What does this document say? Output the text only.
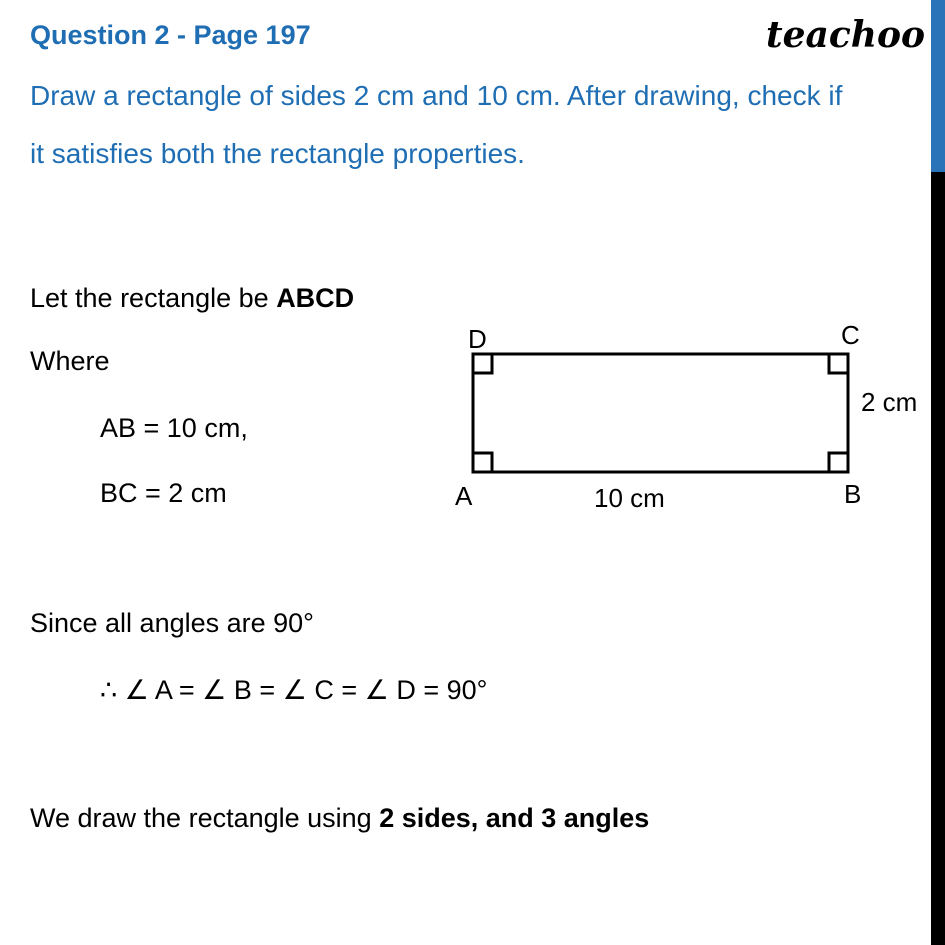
Question 2 - Page 197	teachoo
Draw a rectangle of sides 2 cm and 10 cm. After drawing, check if
it satisfies both the rectangle properties.
Let the rectangle be ABCD
Where
AB = 10 cm,
BC = 2 cm
Since all angles are 90°
∴ ∠ A = ∠ B = ∠ C = ∠ D = 90°
We draw the rectangle using 2 sides, and 3 angles
D	C
A	B
10 cm
2 cm
